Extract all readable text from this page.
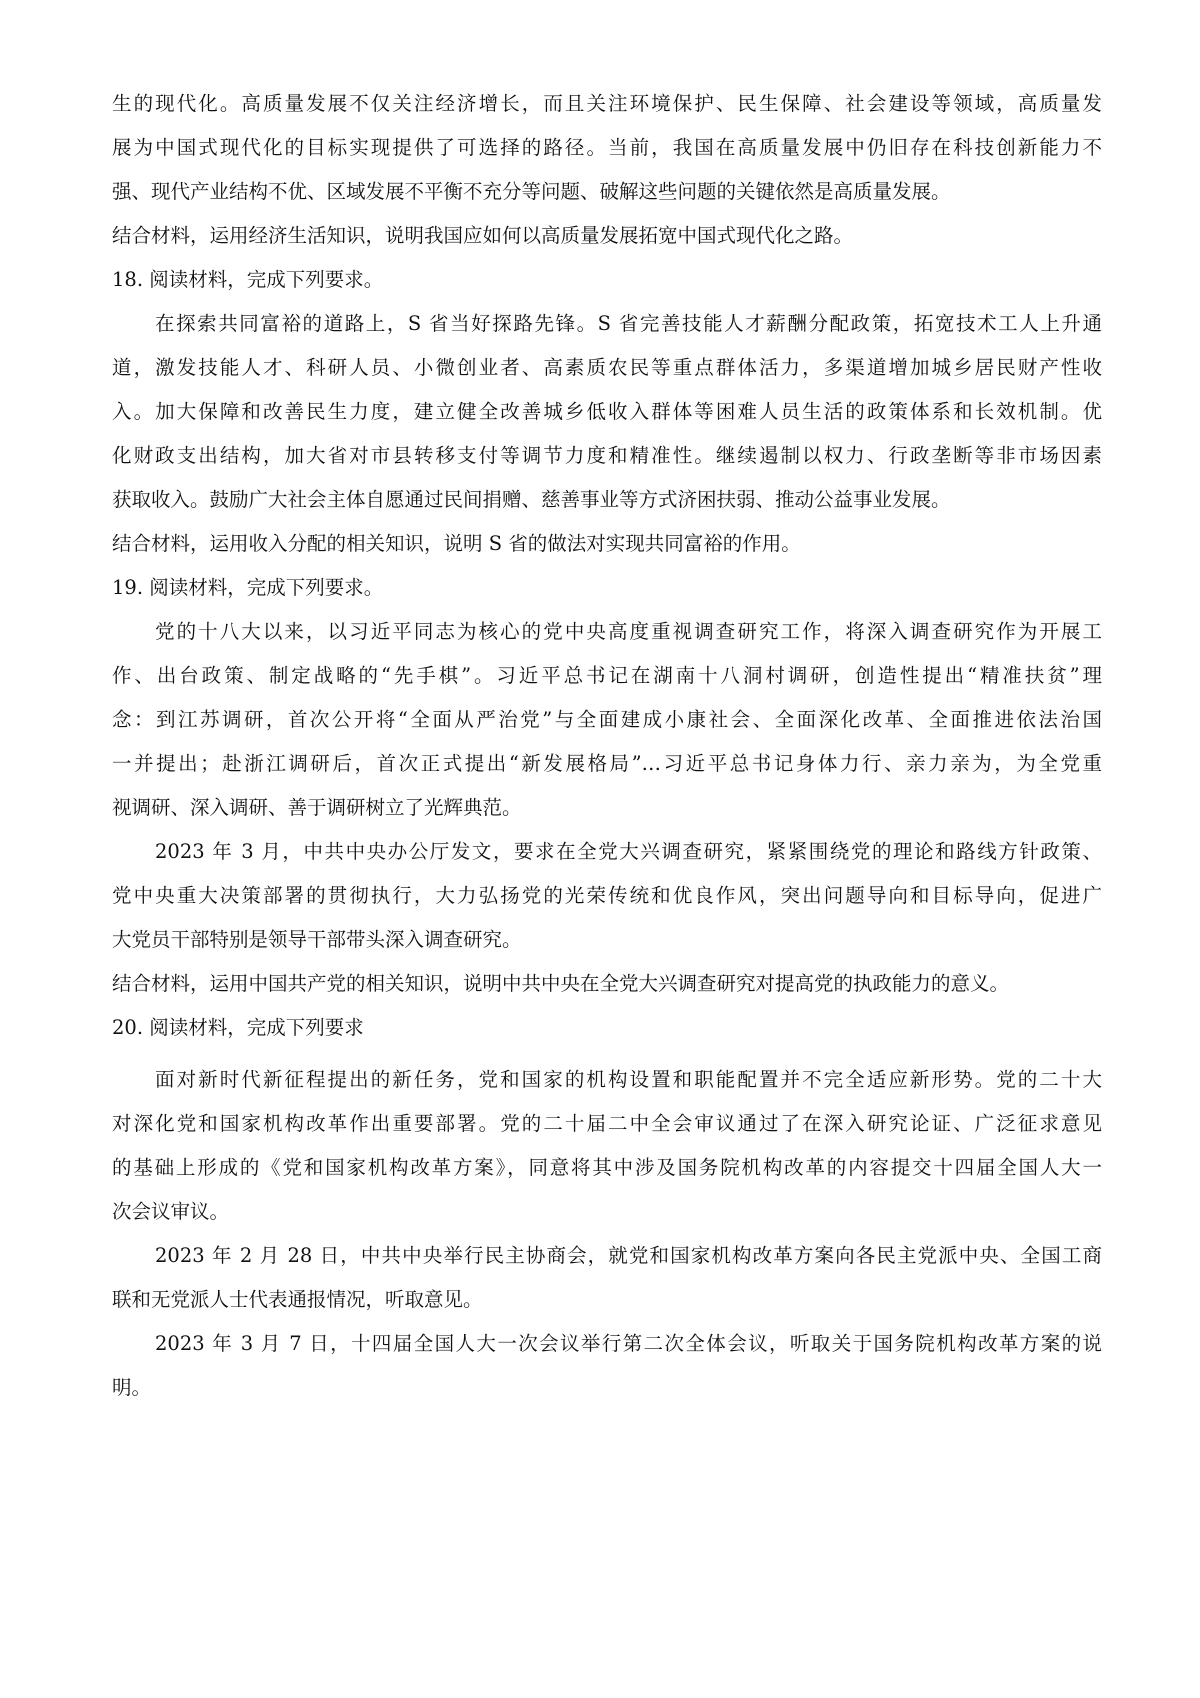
生的现代化。高质量发展不仅关注经济增长，而且关注环境保护、民生保障、社会建设等领域，高质量发
展为中国式现代化的目标实现提供了可选择的路径。当前，我国在高质量发展中仍旧存在科技创新能力不
强、现代产业结构不优、区域发展不平衡不充分等问题、破解这些问题的关键依然是高质量发展。
结合材料，运用经济生活知识，说明我国应如何以高质量发展拓宽中国式现代化之路。
18. 阅读材料，完成下列要求。
在探索共同富裕的道路上，S 省当好探路先锋。S 省完善技能人才薪酬分配政策，拓宽技术工人上升通
道，激发技能人才、科研人员、小微创业者、高素质农民等重点群体活力，多渠道增加城乡居民财产性收
入。加大保障和改善民生力度，建立健全改善城乡低收入群体等困难人员生活的政策体系和长效机制。优
化财政支出结构，加大省对市县转移支付等调节力度和精准性。继续遏制以权力、行政垄断等非市场因素
获取收入。鼓励广大社会主体自愿通过民间捐赠、慈善事业等方式济困扶弱、推动公益事业发展。
结合材料，运用收入分配的相关知识，说明 S 省的做法对实现共同富裕的作用。
19. 阅读材料，完成下列要求。
党的十八大以来，以习近平同志为核心的党中央高度重视调查研究工作，将深入调查研究作为开展工
作、出台政策、制定战略的“先手棋”。习近平总书记在湖南十八洞村调研，创造性提出“精准扶贫”理
念：到江苏调研，首次公开将“全面从严治党”与全面建成小康社会、全面深化改革、全面推进依法治国
一并提出；赴浙江调研后，首次正式提出“新发展格局”…习近平总书记身体力行、亲力亲为，为全党重
视调研、深入调研、善于调研树立了光辉典范。
2023 年 3 月，中共中央办公厅发文，要求在全党大兴调查研究，紧紧围绕党的理论和路线方针政策、
党中央重大决策部署的贯彻执行，大力弘扬党的光荣传统和优良作风，突出问题导向和目标导向，促进广
大党员干部特别是领导干部带头深入调查研究。
结合材料，运用中国共产党的相关知识，说明中共中央在全党大兴调查研究对提高党的执政能力的意义。
20. 阅读材料，完成下列要求
面对新时代新征程提出的新任务，党和国家的机构设置和职能配置并不完全适应新形势。党的二十大
对深化党和国家机构改革作出重要部署。党的二十届二中全会审议通过了在深入研究论证、广泛征求意见
的基础上形成的《党和国家机构改革方案》，同意将其中涉及国务院机构改革的内容提交十四届全国人大一
次会议审议。
2023 年 2 月 28 日，中共中央举行民主协商会，就党和国家机构改革方案向各民主党派中央、全国工商
联和无党派人士代表通报情况，听取意见。
2023 年 3 月 7 日，十四届全国人大一次会议举行第二次全体会议，听取关于国务院机构改革方案的说
明。
